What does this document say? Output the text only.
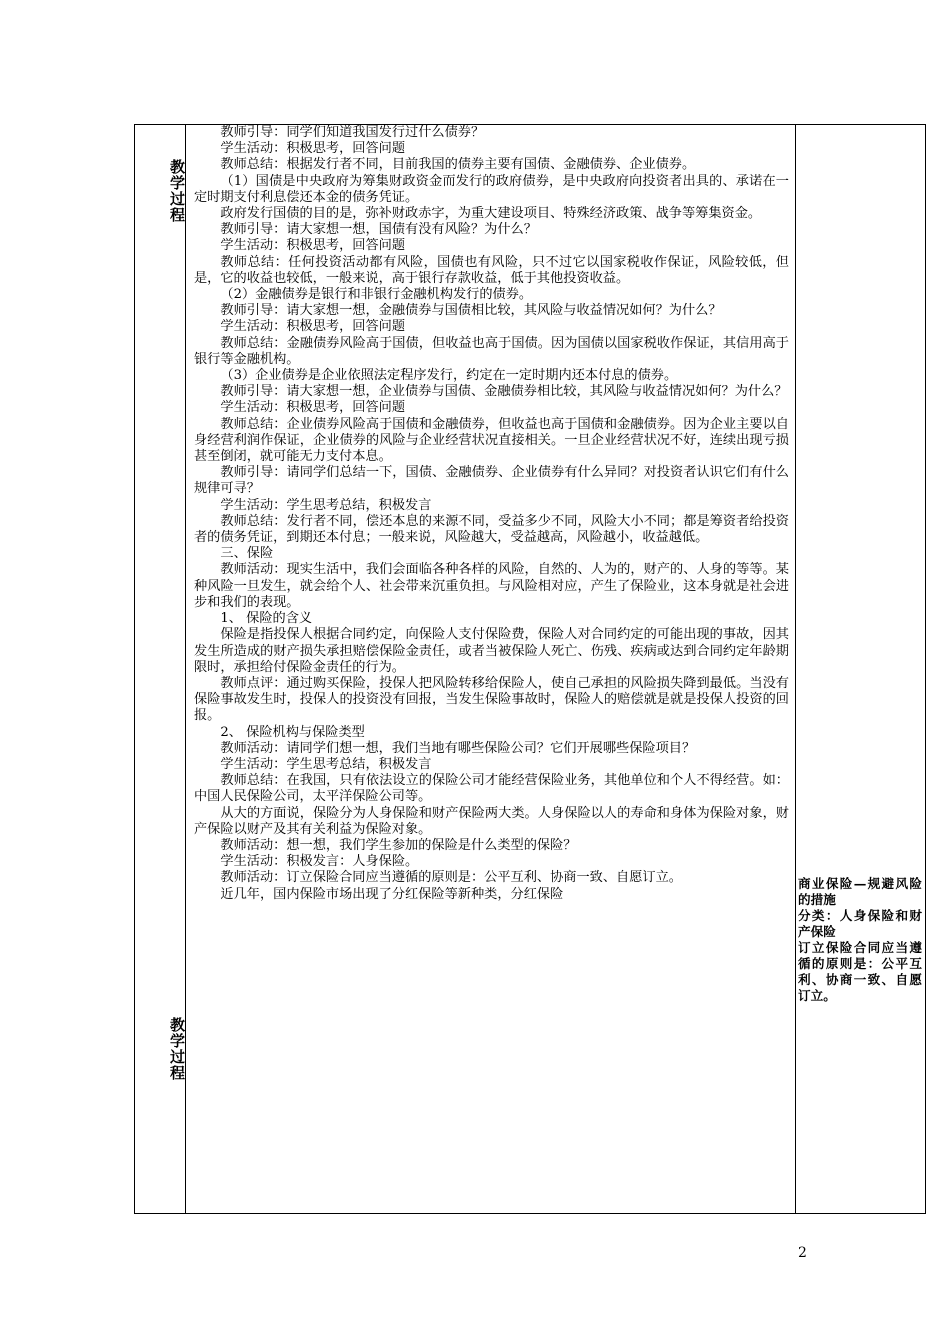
教学过程
教学过程

教师引导：同学们知道我国发行过什么债券？

学生活动：积极思考，回答问题

教师总结：根据发行者不同，目前我国的债券主要有国债、金融债券、企业债券。

（1）国债是中央政府为筹集财政资金而发行的政府债券，是中央政府向投资者出具的、承诺在一定时期支付利息偿还本金的债务凭证。

政府发行国债的目的是，弥补财政赤字，为重大建设项目、特殊经济政策、战争等筹集资金。

教师引导：请大家想一想，国债有没有风险？为什么？

学生活动：积极思考，回答问题

教师总结：任何投资活动都有风险，国债也有风险，只不过它以国家税收作保证，风险较低，但是，它的收益也较低，一般来说，高于银行存款收益，低于其他投资收益。

（2）金融债券是银行和非银行金融机构发行的债券。

教师引导：请大家想一想，金融债券与国债相比较，其风险与收益情况如何？为什么？

学生活动：积极思考，回答问题

教师总结：金融债券风险高于国债，但收益也高于国债。因为国债以国家税收作保证，其信用高于银行等金融机构。

（3）企业债券是企业依照法定程序发行，约定在一定时期内还本付息的债券。

教师引导：请大家想一想，企业债券与国债、金融债券相比较，其风险与收益情况如何？为什么？

学生活动：积极思考，回答问题

教师总结：企业债券风险高于国债和金融债券，但收益也高于国债和金融债券。因为企业主要以自身经营利润作保证，企业债券的风险与企业经营状况直接相关。一旦企业经营状况不好，连续出现亏损甚至倒闭，就可能无力支付本息。

教师引导：请同学们总结一下，国债、金融债券、企业债券有什么异同？对投资者认识它们有什么规律可寻？

学生活动：学生思考总结，积极发言

教师总结：发行者不同，偿还本息的来源不同，受益多少不同，风险大小不同；都是筹资者给投资者的债务凭证，到期还本付息；一般来说，风险越大，受益越高，风险越小，收益越低。

三、保险

教师活动：现实生活中，我们会面临各种各样的风险，自然的、人为的，财产的、人身的等等。某种风险一旦发生，就会给个人、社会带来沉重负担。与风险相对应，产生了保险业，这本身就是社会进步和我们的表现。

1、 保险的含义

保险是指投保人根据合同约定，向保险人支付保险费，保险人对合同约定的可能出现的事故，因其发生所造成的财产损失承担赔偿保险金责任，或者当被保险人死亡、伤残、疾病或达到合同约定年龄期限时，承担给付保险金责任的行为。

教师点评：通过购买保险，投保人把风险转移给保险人，使自己承担的风险损失降到最低。当没有保险事故发生时，投保人的投资没有回报，当发生保险事故时，保险人的赔偿就是就是投保人投资的回报。

2、 保险机构与保险类型

教师活动：请同学们想一想，我们当地有哪些保险公司？它们开展哪些保险项目？

学生活动：学生思考总结，积极发言

教师总结：在我国，只有依法设立的保险公司才能经营保险业务，其他单位和个人不得经营。如：中国人民保险公司，太平洋保险公司等。

从大的方面说，保险分为人身保险和财产保险两大类。人身保险以人的寿命和身体为保险对象，财产保险以财产及其有关利益为保险对象。

教师活动：想一想，我们学生参加的保险是什么类型的保险？

学生活动：积极发言：人身保险。

教师活动：订立保险合同应当遵循的原则是：公平互利、协商一致、自愿订立。

近几年，国内保险市场出现了分红保险等新种类，分红保险

商业保险—规避风险的措施

分类：人身保险和财产保险

订立保险合同应当遵循的原则是：公平互利、协商一致、自愿订立。

2
